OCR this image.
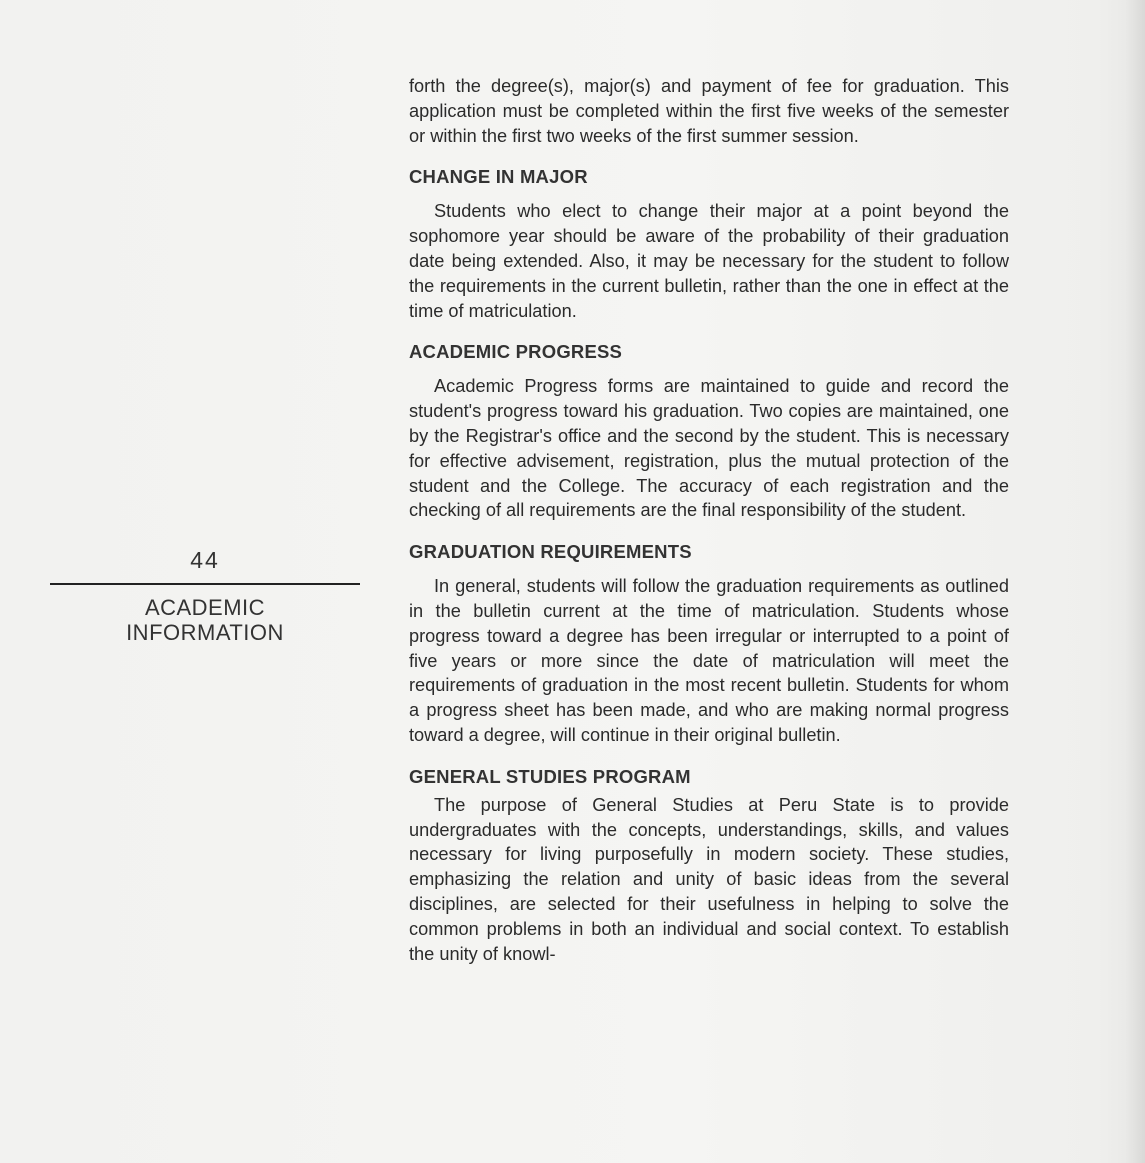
44
ACADEMIC
INFORMATION

forth the degree(s), major(s) and payment of fee for graduation. This application must be completed within the first five weeks of the semester or within the first two weeks of the first summer session.

CHANGE IN MAJOR

Students who elect to change their major at a point beyond the sophomore year should be aware of the probability of their graduation date being extended. Also, it may be necessary for the student to follow the requirements in the current bulletin, rather than the one in effect at the time of matriculation.

ACADEMIC PROGRESS

Academic Progress forms are maintained to guide and record the student's progress toward his graduation. Two copies are maintained, one by the Registrar's office and the second by the student. This is necessary for effective advisement, registration, plus the mutual protection of the student and the College. The accuracy of each registration and the checking of all requirements are the final responsibility of the student.

GRADUATION REQUIREMENTS

In general, students will follow the graduation requirements as outlined in the bulletin current at the time of matriculation. Students whose progress toward a degree has been irregular or interrupted to a point of five years or more since the date of matriculation will meet the requirements of graduation in the most recent bulletin. Students for whom a progress sheet has been made, and who are making normal progress toward a degree, will continue in their original bulletin.

GENERAL STUDIES PROGRAM

The purpose of General Studies at Peru State is to provide undergraduates with the concepts, understandings, skills, and values necessary for living purposefully in modern society. These studies, emphasizing the relation and unity of basic ideas from the several disciplines, are selected for their usefulness in helping to solve the common problems in both an individual and social context. To establish the unity of knowl-
